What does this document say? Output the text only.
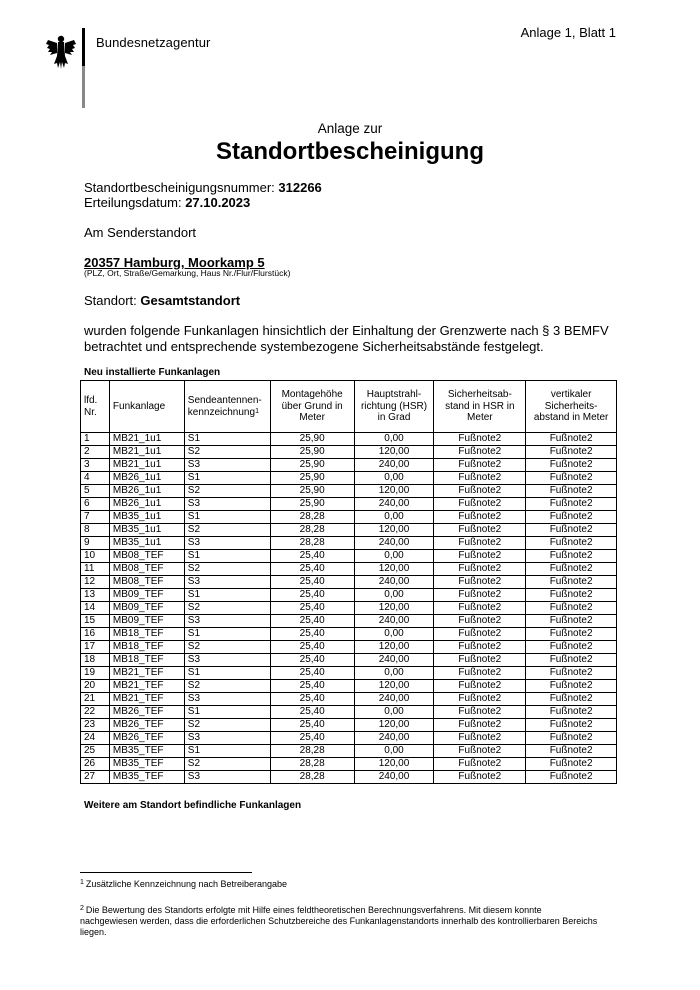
Bundesnetzagentur
Anlage 1, Blatt 1
Anlage zur
Standortbescheinigung
Standortbescheinigungsnummer: 312266
Erteilungsdatum: 27.10.2023
Am Senderstandort
20357 Hamburg, Moorkamp 5
(PLZ, Ort, Straße/Gemarkung, Haus Nr./Flur/Flurstück)
Standort: Gesamtstandort
wurden folgende Funkanlagen hinsichtlich der Einhaltung der Grenzwerte nach § 3 BEMFV betrachtet und entsprechende systembezogene Sicherheitsabstände festgelegt.
Neu installierte Funkanlagen
lfd. Nr.	Funkanlage	Sendeantennen-kennzeichnung$^1$	Montagehöhe über Grund in Meter	Hauptstrahl-richtung (HSR) in Grad	Sicherheitsab-stand in HSR in Meter	vertikaler Sicherheits-abstand in Meter
1	MB21_1u1	S1	25,90	0,00	Fußnote2	Fußnote2
2	MB21_1u1	S2	25,90	120,00	Fußnote2	Fußnote2
3	MB21_1u1	S3	25,90	240,00	Fußnote2	Fußnote2
4	MB26_1u1	S1	25,90	0,00	Fußnote2	Fußnote2
5	MB26_1u1	S2	25,90	120,00	Fußnote2	Fußnote2
6	MB26_1u1	S3	25,90	240,00	Fußnote2	Fußnote2
7	MB35_1u1	S1	28,28	0,00	Fußnote2	Fußnote2
8	MB35_1u1	S2	28,28	120,00	Fußnote2	Fußnote2
9	MB35_1u1	S3	28,28	240,00	Fußnote2	Fußnote2
10	MB08_TEF	S1	25,40	0,00	Fußnote2	Fußnote2
11	MB08_TEF	S2	25,40	120,00	Fußnote2	Fußnote2
12	MB08_TEF	S3	25,40	240,00	Fußnote2	Fußnote2
13	MB09_TEF	S1	25,40	0,00	Fußnote2	Fußnote2
14	MB09_TEF	S2	25,40	120,00	Fußnote2	Fußnote2
15	MB09_TEF	S3	25,40	240,00	Fußnote2	Fußnote2
16	MB18_TEF	S1	25,40	0,00	Fußnote2	Fußnote2
17	MB18_TEF	S2	25,40	120,00	Fußnote2	Fußnote2
18	MB18_TEF	S3	25,40	240,00	Fußnote2	Fußnote2
19	MB21_TEF	S1	25,40	0,00	Fußnote2	Fußnote2
20	MB21_TEF	S2	25,40	120,00	Fußnote2	Fußnote2
21	MB21_TEF	S3	25,40	240,00	Fußnote2	Fußnote2
22	MB26_TEF	S1	25,40	0,00	Fußnote2	Fußnote2
23	MB26_TEF	S2	25,40	120,00	Fußnote2	Fußnote2
24	MB26_TEF	S3	25,40	240,00	Fußnote2	Fußnote2
25	MB35_TEF	S1	28,28	0,00	Fußnote2	Fußnote2
26	MB35_TEF	S2	28,28	120,00	Fußnote2	Fußnote2
27	MB35_TEF	S3	28,28	240,00	Fußnote2	Fußnote2
Weitere am Standort befindliche Funkanlagen
$^1$ Zusätzliche Kennzeichnung nach Betreiberangabe
$^2$ Die Bewertung des Standorts erfolgte mit Hilfe eines feldtheoretischen Berechnungsverfahrens. Mit diesem konnte nachgewiesen werden, dass die erforderlichen Schutzbereiche des Funkanlagenstandorts innerhalb des kontrollierbaren Bereichs liegen.
